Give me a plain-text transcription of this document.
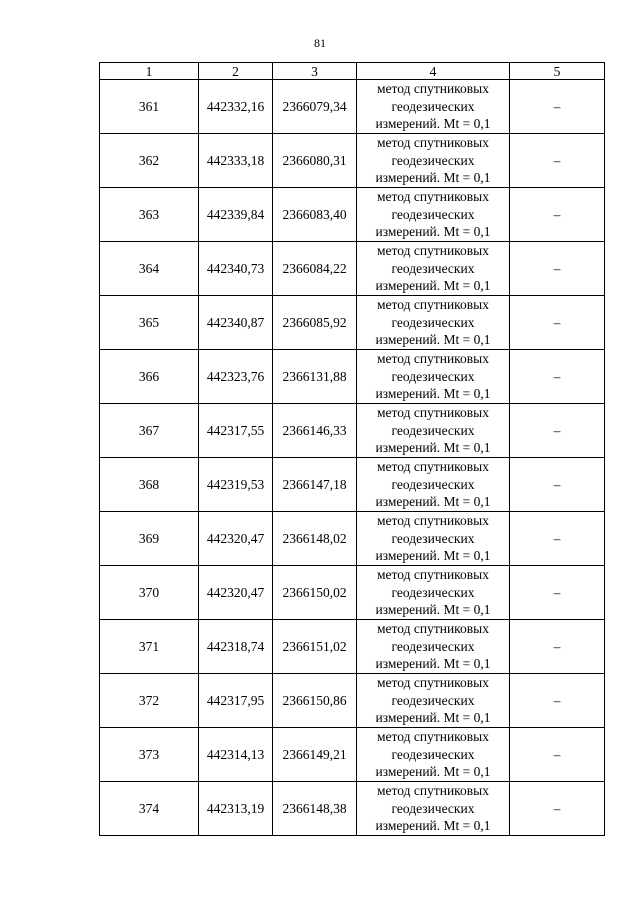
81
1	2	3	4	5
361	442332,16	2366079,34	метод спутниковых
геодезических
измерений. Mt = 0,1	–
362	442333,18	2366080,31	метод спутниковых
геодезических
измерений. Mt = 0,1	–
363	442339,84	2366083,40	метод спутниковых
геодезических
измерений. Mt = 0,1	–
364	442340,73	2366084,22	метод спутниковых
геодезических
измерений. Mt = 0,1	–
365	442340,87	2366085,92	метод спутниковых
геодезических
измерений. Mt = 0,1	–
366	442323,76	2366131,88	метод спутниковых
геодезических
измерений. Mt = 0,1	–
367	442317,55	2366146,33	метод спутниковых
геодезических
измерений. Mt = 0,1	–
368	442319,53	2366147,18	метод спутниковых
геодезических
измерений. Mt = 0,1	–
369	442320,47	2366148,02	метод спутниковых
геодезических
измерений. Mt = 0,1	–
370	442320,47	2366150,02	метод спутниковых
геодезических
измерений. Mt = 0,1	–
371	442318,74	2366151,02	метод спутниковых
геодезических
измерений. Mt = 0,1	–
372	442317,95	2366150,86	метод спутниковых
геодезических
измерений. Mt = 0,1	–
373	442314,13	2366149,21	метод спутниковых
геодезических
измерений. Mt = 0,1	–
374	442313,19	2366148,38	метод спутниковых
геодезических
измерений. Mt = 0,1	–
